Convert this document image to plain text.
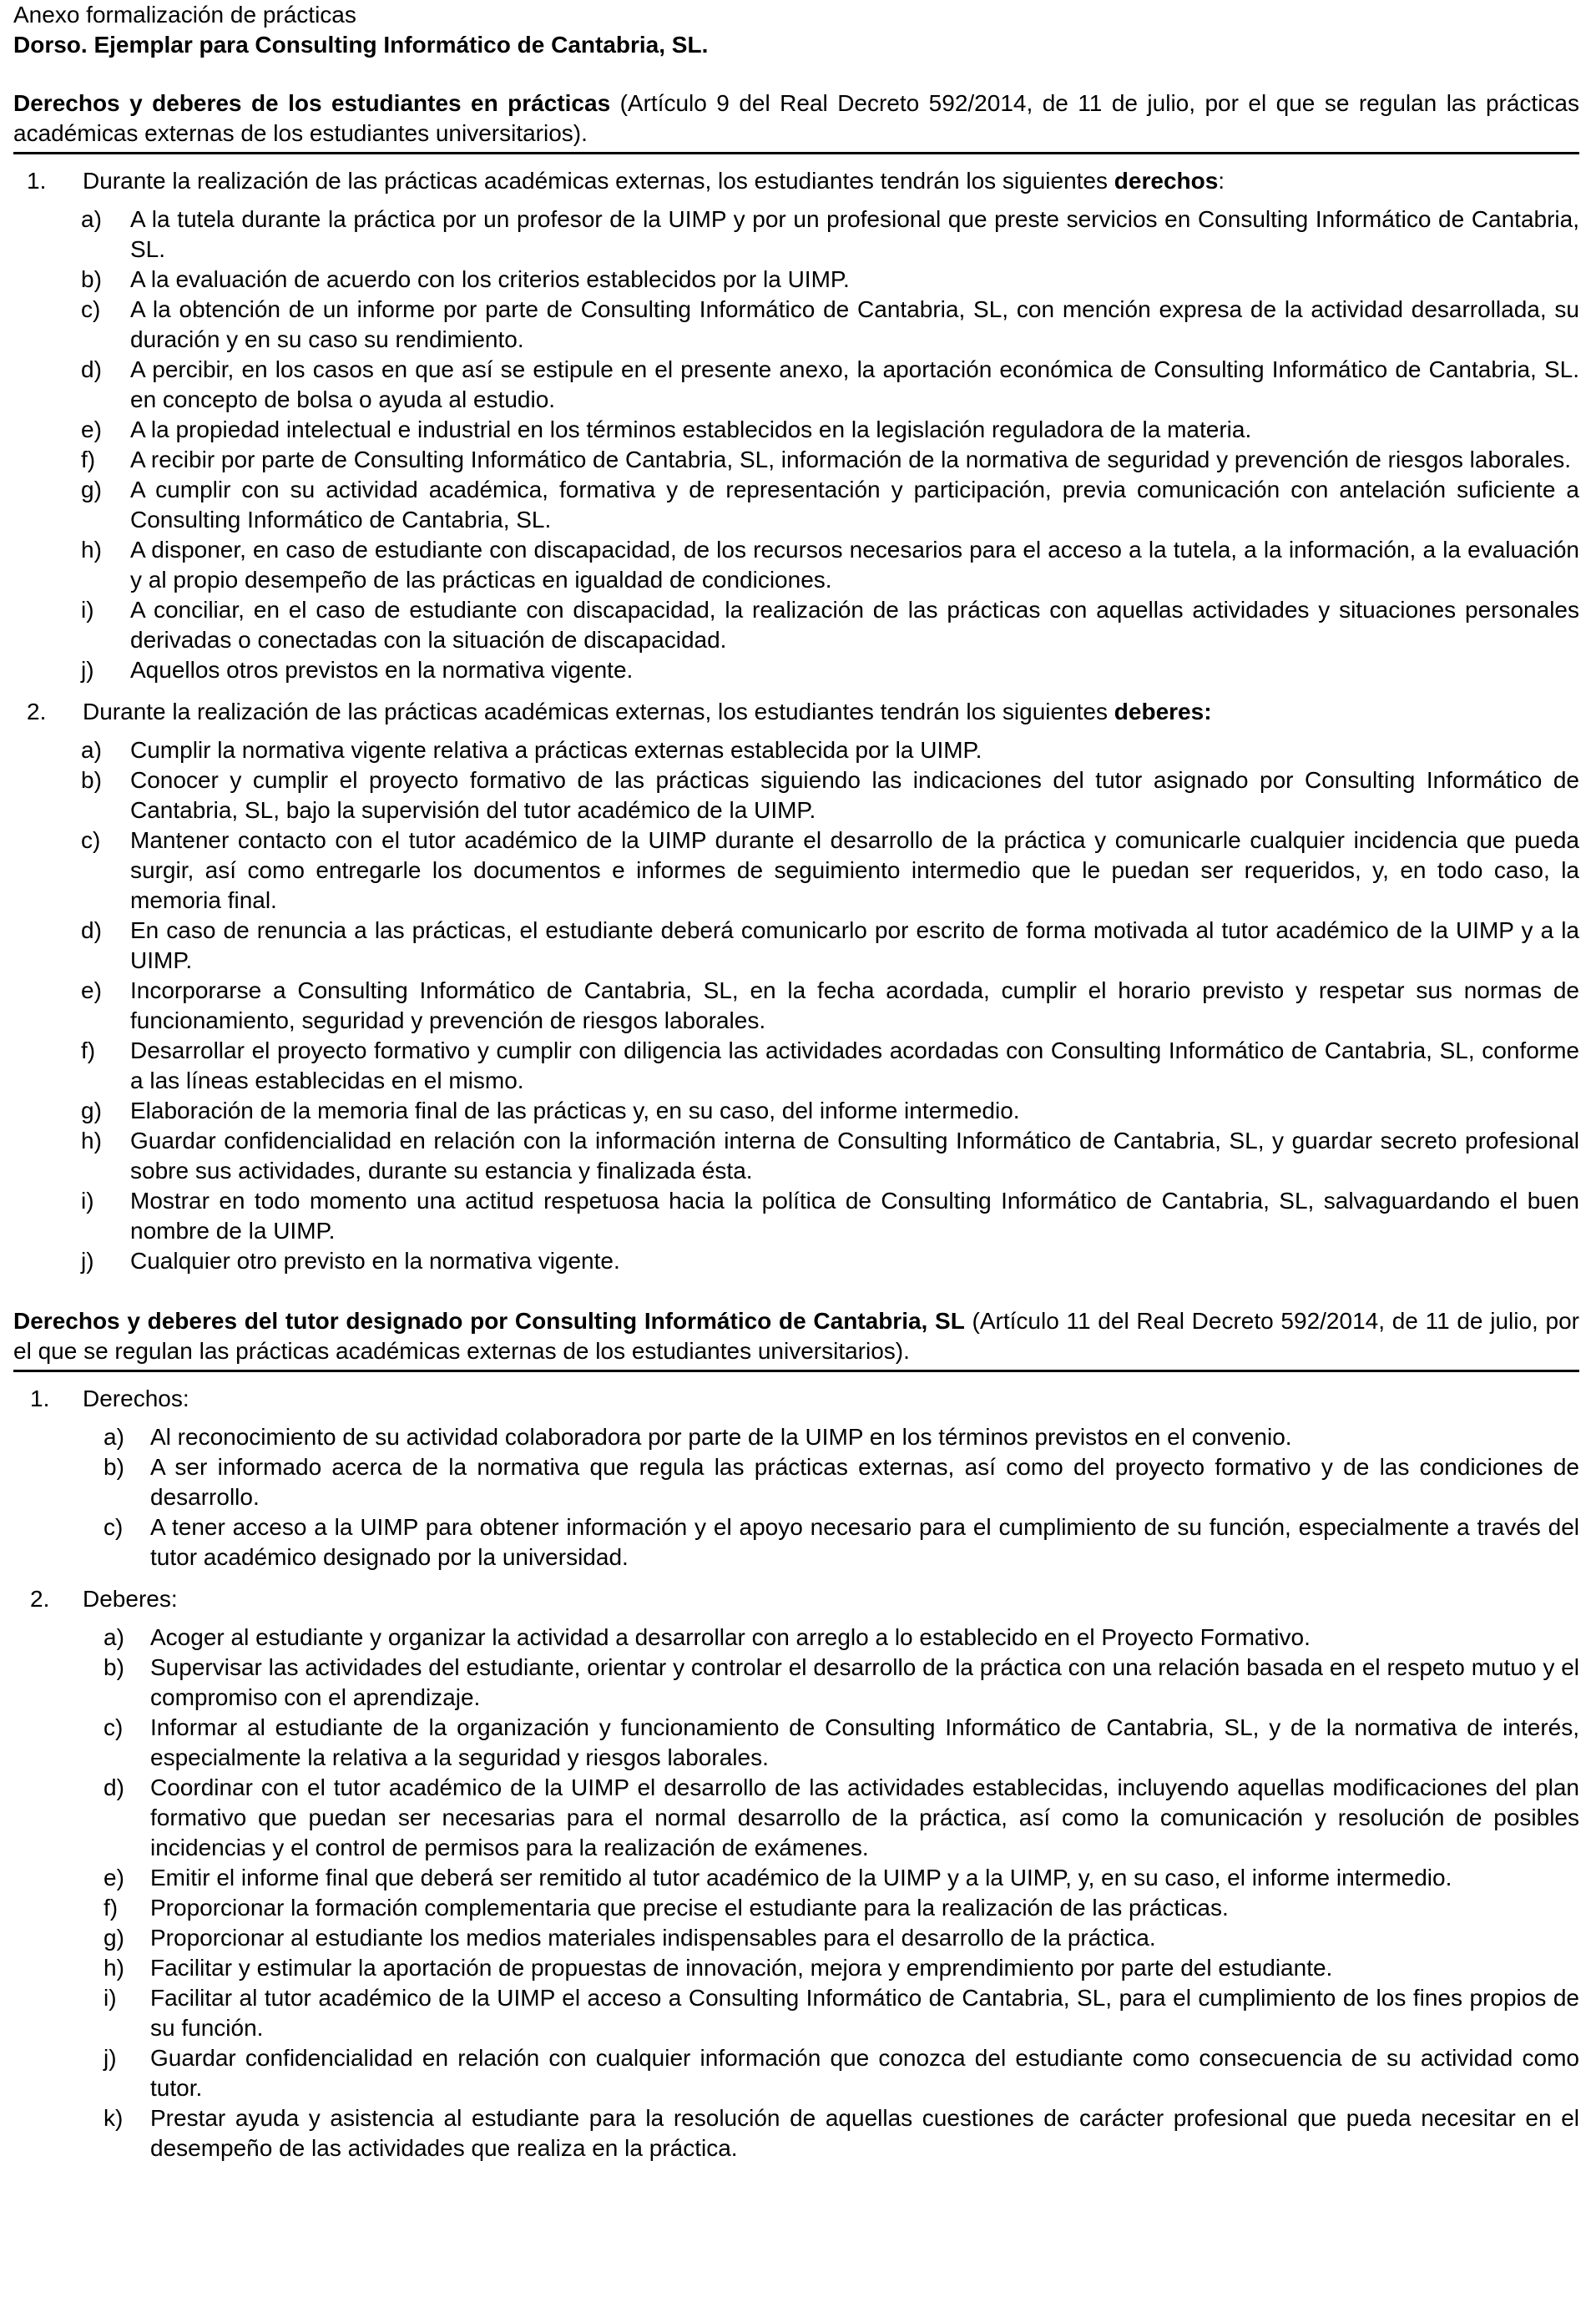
Anexo formalización de prácticas
Dorso. Ejemplar para Consulting Informático de Cantabria, SL.
Derechos y deberes de los estudiantes en prácticas (Artículo 9 del Real Decreto 592/2014, de 11 de julio, por el que se regulan las prácticas académicas externas de los estudiantes universitarios).
1.	Durante la realización de las prácticas académicas externas, los estudiantes tendrán los siguientes derechos:
a)	A la tutela durante la práctica por un profesor de la UIMP y por un profesional que preste servicios en Consulting Informático de Cantabria, SL.
b)	A la evaluación de acuerdo con los criterios establecidos por la UIMP.
c)	A la obtención de un informe por parte de Consulting Informático de Cantabria, SL, con mención expresa de la actividad desarrollada, su duración y en su caso su rendimiento.
d)	A percibir, en los casos en que así se estipule en el presente anexo, la aportación económica de Consulting Informático de Cantabria, SL. en concepto de bolsa o ayuda al estudio.
e)	A la propiedad intelectual e industrial en los términos establecidos en la legislación reguladora de la materia.
f)	A recibir por parte de Consulting Informático de Cantabria, SL, información de la normativa de seguridad y prevención de riesgos laborales.
g)	A cumplir con su actividad académica, formativa y de representación y participación, previa comunicación con antelación suficiente a Consulting Informático de Cantabria, SL.
h)	A disponer, en caso de estudiante con discapacidad, de los recursos necesarios para el acceso a la tutela, a la información, a la evaluación y al propio desempeño de las prácticas en igualdad de condiciones.
i)	A conciliar, en el caso de estudiante con discapacidad, la realización de las prácticas con aquellas actividades y situaciones personales derivadas o conectadas con la situación de discapacidad.
j)	Aquellos otros previstos en la normativa vigente.
2.	Durante la realización de las prácticas académicas externas, los estudiantes tendrán los siguientes deberes:
a)	Cumplir la normativa vigente relativa a prácticas externas establecida por la UIMP.
b)	Conocer y cumplir el proyecto formativo de las prácticas siguiendo las indicaciones del tutor asignado por Consulting Informático de Cantabria, SL, bajo la supervisión del tutor académico de la UIMP.
c)	Mantener contacto con el tutor académico de la UIMP durante el desarrollo de la práctica y comunicarle cualquier incidencia que pueda surgir, así como entregarle los documentos e informes de seguimiento intermedio que le puedan ser requeridos, y, en todo caso, la memoria final.
d)	En caso de renuncia a las prácticas, el estudiante deberá comunicarlo por escrito de forma motivada al tutor académico de la UIMP y a la UIMP.
e)	Incorporarse a Consulting Informático de Cantabria, SL, en la fecha acordada, cumplir el horario previsto y respetar sus normas de funcionamiento, seguridad y prevención de riesgos laborales.
f)	Desarrollar el proyecto formativo y cumplir con diligencia las actividades acordadas con Consulting Informático de Cantabria, SL, conforme a las líneas establecidas en el mismo.
g)	Elaboración de la memoria final de las prácticas y, en su caso, del informe intermedio.
h)	Guardar confidencialidad en relación con la información interna de Consulting Informático de Cantabria, SL, y guardar secreto profesional sobre sus actividades, durante su estancia y finalizada ésta.
i)	Mostrar en todo momento una actitud respetuosa hacia la política de Consulting Informático de Cantabria, SL, salvaguardando el buen nombre de la UIMP.
j)	Cualquier otro previsto en la normativa vigente.
Derechos y deberes del tutor designado por Consulting Informático de Cantabria, SL (Artículo 11 del Real Decreto 592/2014, de 11 de julio, por el que se regulan las prácticas académicas externas de los estudiantes universitarios).
1.	Derechos:
a)	Al reconocimiento de su actividad colaboradora por parte de la UIMP en los términos previstos en el convenio.
b)	A ser informado acerca de la normativa que regula las prácticas externas, así como del proyecto formativo y de las condiciones de desarrollo.
c)	A tener acceso a la UIMP para obtener información y el apoyo necesario para el cumplimiento de su función, especialmente a través del tutor académico designado por la universidad.
2.	Deberes:
a)	Acoger al estudiante y organizar la actividad a desarrollar con arreglo a lo establecido en el Proyecto Formativo.
b)	Supervisar las actividades del estudiante, orientar y controlar el desarrollo de la práctica con una relación basada en el respeto mutuo y el compromiso con el aprendizaje.
c)	Informar al estudiante de la organización y funcionamiento de Consulting Informático de Cantabria, SL, y de la normativa de interés, especialmente la relativa a la seguridad y riesgos laborales.
d)	Coordinar con el tutor académico de la UIMP el desarrollo de las actividades establecidas, incluyendo aquellas modificaciones del plan formativo que puedan ser necesarias para el normal desarrollo de la práctica, así como la comunicación y resolución de posibles incidencias y el control de permisos para la realización de exámenes.
e)	Emitir el informe final que deberá ser remitido al tutor académico de la UIMP y a la UIMP, y, en su caso, el informe intermedio.
f)	Proporcionar la formación complementaria que precise el estudiante para la realización de las prácticas.
g)	Proporcionar al estudiante los medios materiales indispensables para el desarrollo de la práctica.
h)	Facilitar y estimular la aportación de propuestas de innovación, mejora y emprendimiento por parte del estudiante.
i)	Facilitar al tutor académico de la UIMP el acceso a Consulting Informático de Cantabria, SL, para el cumplimiento de los fines propios de su función.
j)	Guardar confidencialidad en relación con cualquier información que conozca del estudiante como consecuencia de su actividad como tutor.
k)	Prestar ayuda y asistencia al estudiante para la resolución de aquellas cuestiones de carácter profesional que pueda necesitar en el desempeño de las actividades que realiza en la práctica.
